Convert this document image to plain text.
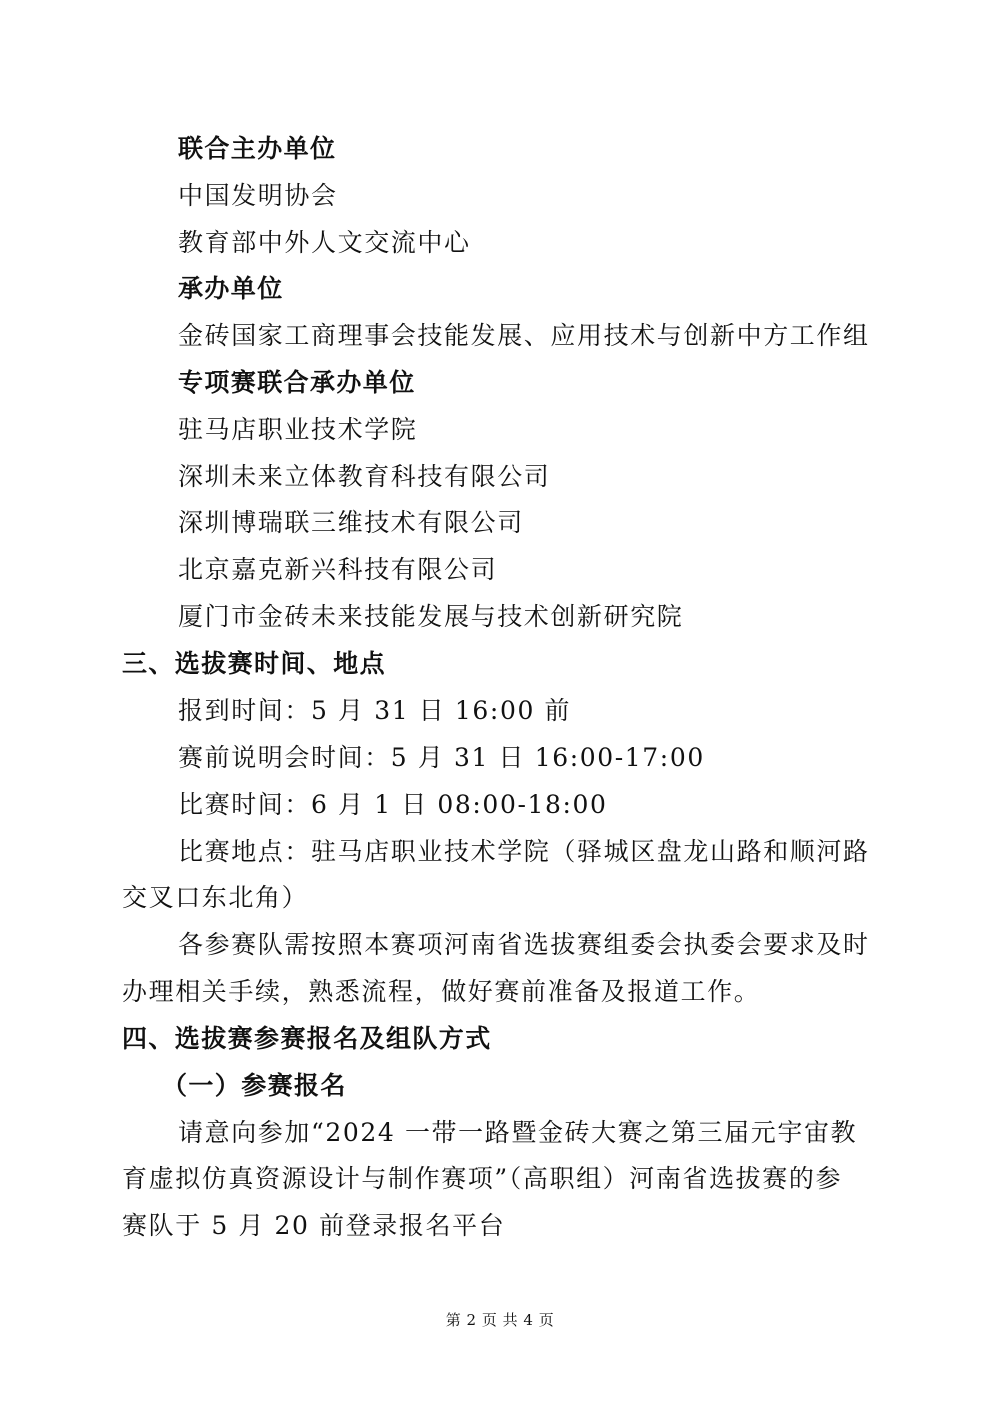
联合主办单位
中国发明协会
教育部中外人文交流中心
承办单位
金砖国家工商理事会技能发展、应用技术与创新中方工作组
专项赛联合承办单位
驻马店职业技术学院
深圳未来立体教育科技有限公司
深圳博瑞联三维技术有限公司
北京嘉克新兴科技有限公司
厦门市金砖未来技能发展与技术创新研究院
三、选拔赛时间、地点
报到时间：5 月 31 日 16:00 前
赛前说明会时间：5 月 31 日 16:00-17:00
比赛时间：6 月 1 日 08:00-18:00
比赛地点：驻马店职业技术学院（驿城区盘龙山路和顺河路
交叉口东北角）
各参赛队需按照本赛项河南省选拔赛组委会执委会要求及时
办理相关手续，熟悉流程，做好赛前准备及报道工作。
四、选拔赛参赛报名及组队方式
（一）参赛报名
请意向参加“2024 一带一路暨金砖大赛之第三届元宇宙教
育虚拟仿真资源设计与制作赛项”（高职组）河南省选拔赛的参
赛队于 5 月 20 前登录报名平台
第 2 页 共 4 页
